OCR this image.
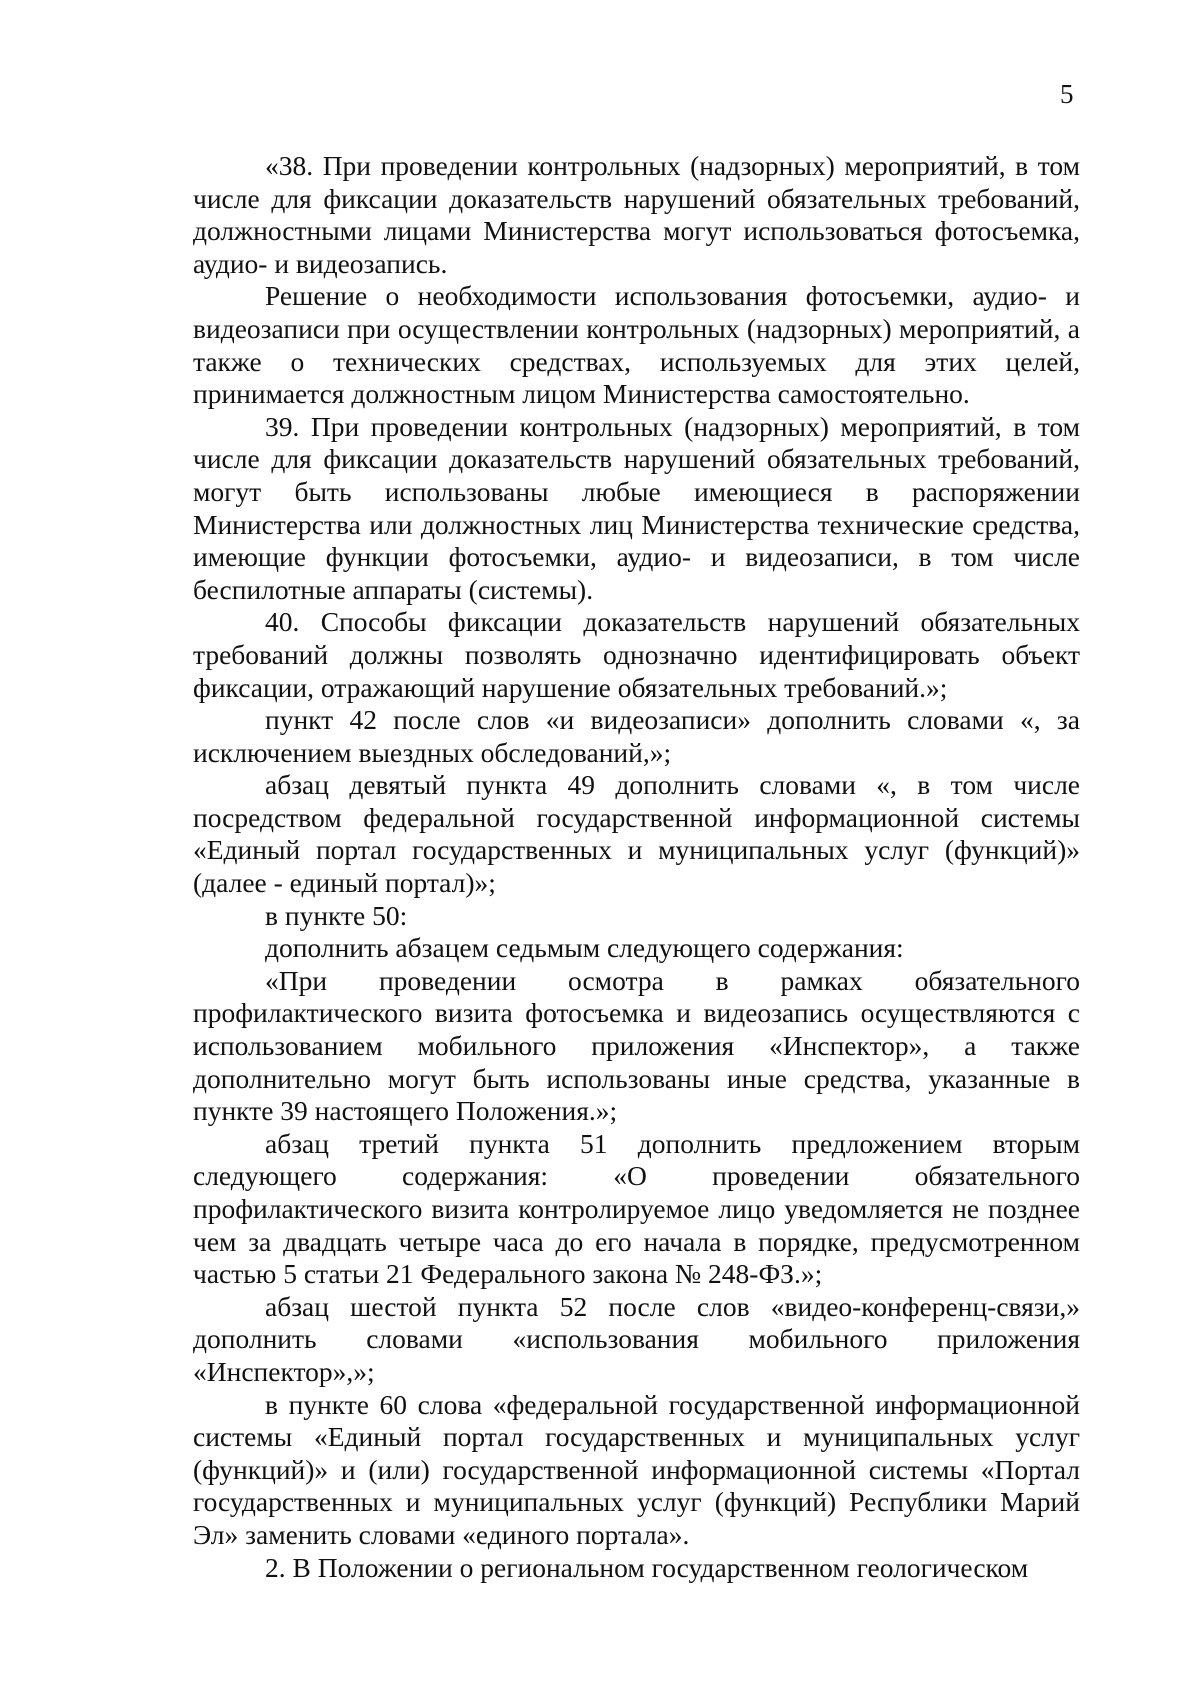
5

«38. При проведении контрольных (надзорных) мероприятий, в том числе для фиксации доказательств нарушений обязательных требований, должностными лицами Министерства могут использоваться фотосъемка, аудио- и видеозапись.

Решение о необходимости использования фотосъемки, аудио- и видеозаписи при осуществлении контрольных (надзорных) мероприятий, а также о технических средствах, используемых для этих целей, принимается должностным лицом Министерства самостоятельно.

39. При проведении контрольных (надзорных) мероприятий, в том числе для фиксации доказательств нарушений обязательных требований, могут быть использованы любые имеющиеся в распоряжении Министерства или должностных лиц Министерства технические средства, имеющие функции фотосъемки, аудио- и видеозаписи, в том числе беспилотные аппараты (системы).

40. Способы фиксации доказательств нарушений обязательных требований должны позволять однозначно идентифицировать объект фиксации, отражающий нарушение обязательных требований.»;

пункт 42 после слов «и видеозаписи» дополнить словами «, за исключением выездных обследований,»;

абзац девятый пункта 49 дополнить словами «, в том числе посредством федеральной государственной информационной системы «Единый портал государственных и муниципальных услуг (функций)» (далее - единый портал)»;

в пункте 50:

дополнить абзацем седьмым следующего содержания:

«При проведении осмотра в рамках обязательного профилактического визита фотосъемка и видеозапись осуществляются с использованием мобильного приложения «Инспектор», а также дополнительно могут быть использованы иные средства, указанные в пункте 39 настоящего Положения.»;

абзац третий пункта 51 дополнить предложением вторым следующего содержания: «О проведении обязательного профилактического визита контролируемое лицо уведомляется не позднее чем за двадцать четыре часа до его начала в порядке, предусмотренном частью 5 статьи 21 Федерального закона № 248-ФЗ.»;

абзац шестой пункта 52 после слов «видео-конференц-связи,» дополнить словами «использования мобильного приложения «Инспектор»,»;

в пункте 60 слова «федеральной государственной информационной системы «Единый портал государственных и муниципальных услуг (функций)» и (или) государственной информационной системы «Портал государственных и муниципальных услуг (функций) Республики Марий Эл» заменить словами «единого портала».

2. В Положении о региональном государственном геологическом
